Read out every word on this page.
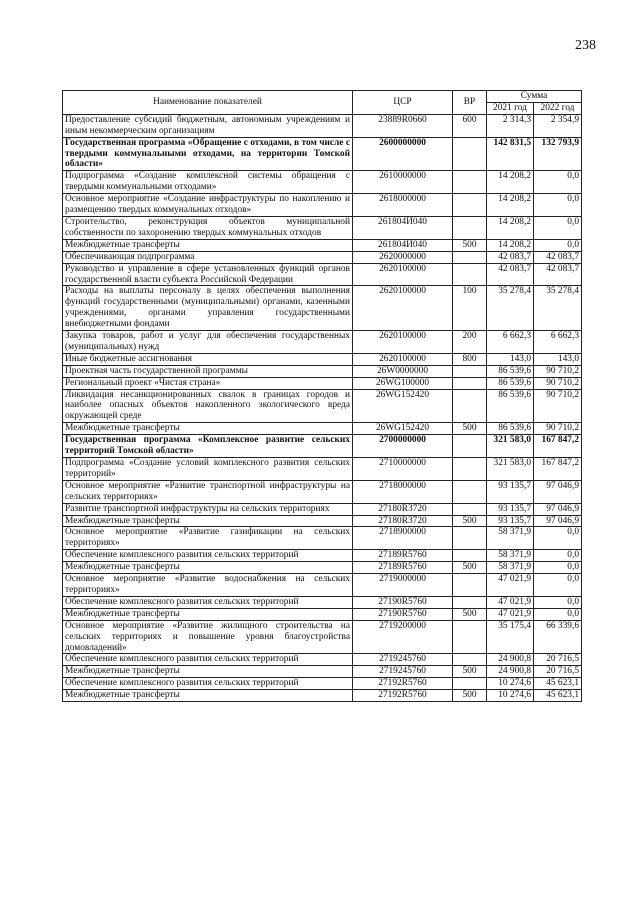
238
Наименование показателей	ЦСР	ВР	Сумма	
			2021 год	2022 год
Предоставление субсидий бюджетным, автономным учреждениям и иным некоммерческим организациям	23889R0660	600	2 314,3	2 354,9
Государственная программа «Обращение с отходами, в том числе с твердыми коммунальными отходами, на территории Томской области»	2600000000		142 831,5	132 793,9
Подпрограмма «Создание комплексной системы обращения с твердыми коммунальными отходами»	2610000000		14 208,2	0,0
Основное мероприятие «Создание инфраструктуры по накоплению и размещению твердых коммунальных отходов»	2618000000		14 208,2	0,0
Строительство, реконструкция объектов муниципальной собственности по захоронению твердых коммунальных отходов	261804И040		14 208,2	0,0
Межбюджетные трансферты	261804И040	500	14 208,2	0,0
Обеспечивающая подпрограмма	2620000000		42 083,7	42 083,7
Руководство и управление в сфере установленных функций органов государственной власти субъекта Российской Федерации	2620100000		42 083,7	42 083,7
Расходы на выплаты персоналу в целях обеспечения выполнения функций государственными (муниципальными) органами, казенными учреждениями, органами управления государственными внебюджетными фондами	2620100000	100	35 278,4	35 278,4
Закупка товаров, работ и услуг для обеспечения государственных (муниципальных) нужд	2620100000	200	6 662,3	6 662,3
Иные бюджетные ассигнования	2620100000	800	143,0	143,0
Проектная часть государственной программы	26W0000000		86 539,6	90 710,2
Региональный проект «Чистая страна»	26WG100000		86 539,6	90 710,2
Ликвидация несанкционированных свалок в границах городов и наиболее опасных объектов накопленного экологического вреда окружающей среде	26WG152420		86 539,6	90 710,2
Межбюджетные трансферты	26WG152420	500	86 539,6	90 710,2
Государственная программа «Комплексное развитие сельских территорий Томской области»	2700000000		321 583,0	167 847,2
Подпрограмма «Создание условий комплексного развития сельских территорий»	2710000000		321 583,0	167 847,2
Основное мероприятие «Развитие транспортной инфраструктуры на сельских территориях»	2718000000		93 135,7	97 046,9
Развитие транспортной инфраструктуры на сельских территориях	27180R3720		93 135,7	97 046,9
Межбюджетные трансферты	27180R3720	500	93 135,7	97 046,9
Основное мероприятие «Развитие газификации на сельских территориях»	2718900000		58 371,9	0,0
Обеспечение комплексного развития сельских территорий	27189R5760		58 371,9	0,0
Межбюджетные трансферты	27189R5760	500	58 371,9	0,0
Основное мероприятие «Развитие водоснабжения на сельских территориях»	2719000000		47 021,9	0,0
Обеспечение комплексного развития сельских территорий	27190R5760		47 021,9	0,0
Межбюджетные трансферты	27190R5760	500	47 021,9	0,0
Основное мероприятие «Развитие жилищного строительства на сельских территориях и повышение уровня благоустройства домовладений»	2719200000		35 175,4	66 339,6
Обеспечение комплексного развития сельских территорий	2719245760		24 900,8	20 716,5
Межбюджетные трансферты	2719245760	500	24 900,8	20 716,5
Обеспечение комплексного развития сельских территорий	27192R5760		10 274,6	45 623,1
Межбюджетные трансферты	27192R5760	500	10 274,6	45 623,1
